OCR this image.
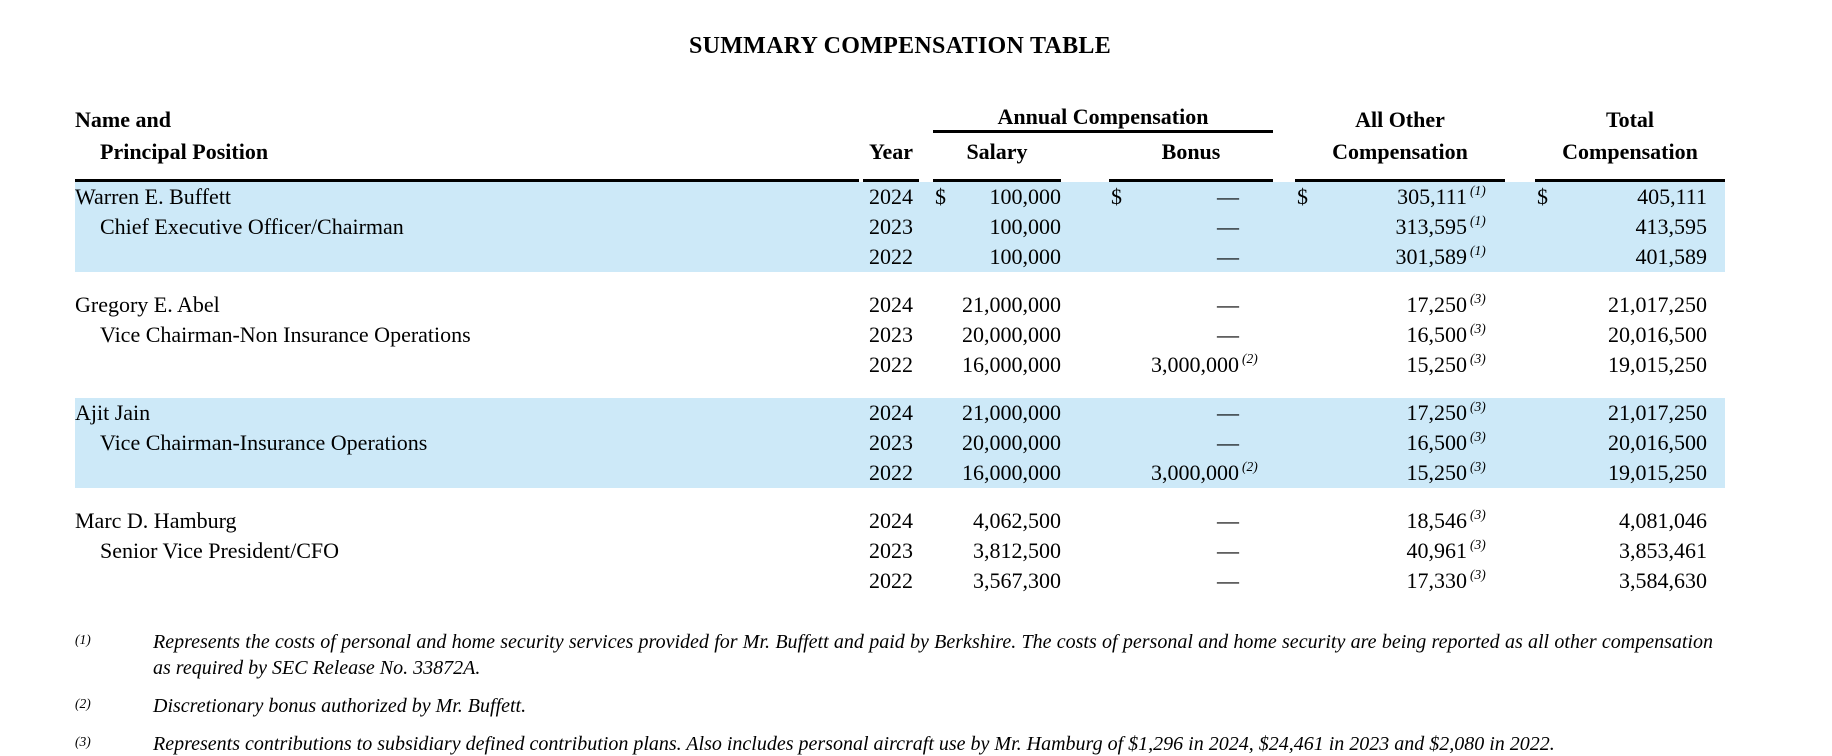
SUMMARY COMPENSATION TABLE
Name and	Annual Compensation	All Other	Total
Principal Position	Year	Salary	Bonus	Compensation	Compensation
Warren E. Buffett	2024 $	100,000 $	—	$	305,111 (1)	$	405,111
Chief Executive Officer/Chairman	2023	100,000	—	313,595 (1)	413,595
2022	100,000	—	301,589 (1)	401,589
Gregory E. Abel	2024 21,000,000	—	17,250 (3)	21,017,250
Vice Chairman-Non Insurance Operations	2023 20,000,000	—	16,500 (3)	20,016,500
2022 16,000,000	3,000,000 (2)	15,250 (3)	19,015,250
Ajit Jain	2024 21,000,000	—	17,250 (3)	21,017,250
Vice Chairman-Insurance Operations	2023 20,000,000	—	16,500 (3)	20,016,500
2022 16,000,000	3,000,000 (2)	15,250 (3)	19,015,250
Marc D. Hamburg	2024	4,062,500	—	18,546 (3)	4,081,046
Senior Vice President/CFO	2023	3,812,500	—	40,961 (3)	3,853,461
2022	3,567,300	—	17,330 (3)	3,584,630
(1)	Represents the costs of personal and home security services provided for Mr. Buffett and paid by Berkshire. The costs of personal and home security are being reported as all other compensation as required by SEC Release No. 33872A.
(2)	Discretionary bonus authorized by Mr. Buffett.
(3)	Represents contributions to subsidiary defined contribution plans. Also includes personal aircraft use by Mr. Hamburg of $1,296 in 2024, $24,461 in 2023 and $2,080 in 2022.
